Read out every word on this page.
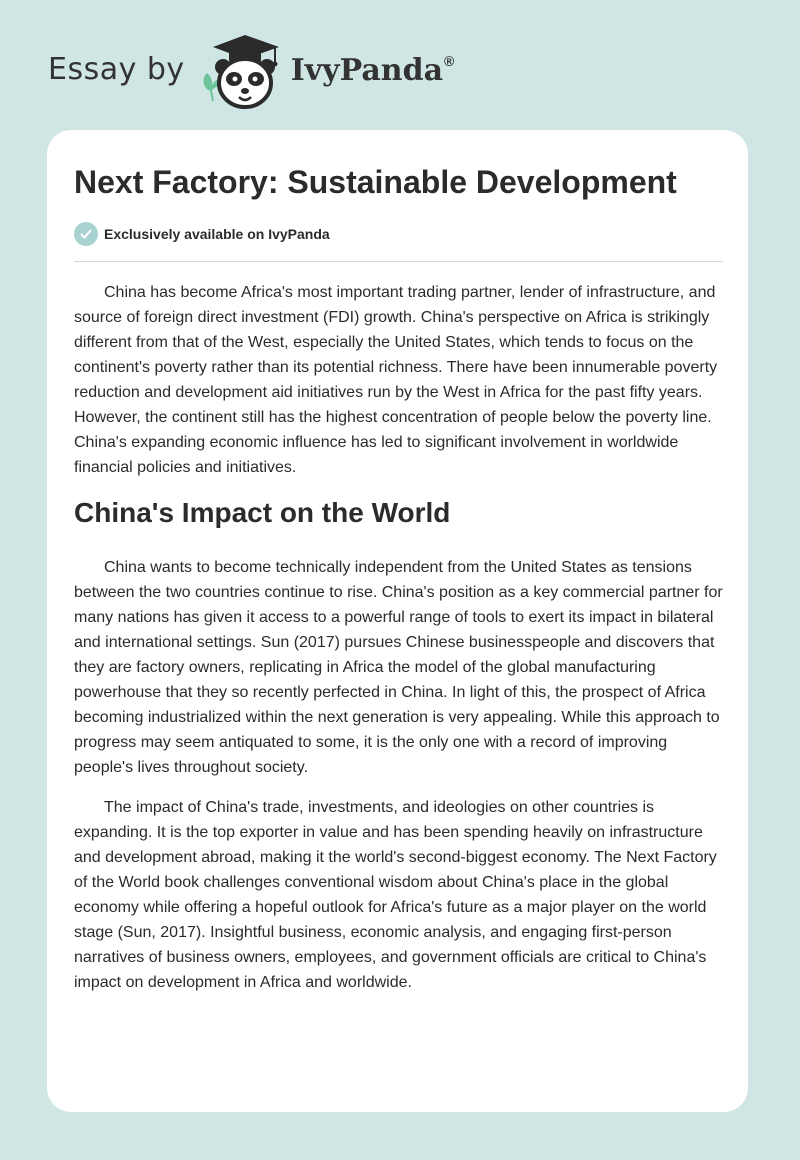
Essay by	IvyPanda®
Next Factory: Sustainable Development
Exclusively available on IvyPanda

China has become Africa's most important trading partner, lender of infrastructure, and source of foreign direct investment (FDI) growth. China's perspective on Africa is strikingly different from that of the West, especially the United States, which tends to focus on the continent's poverty rather than its potential richness. There have been innumerable poverty reduction and development aid initiatives run by the West in Africa for the past fifty years. However, the continent still has the highest concentration of people below the poverty line. China's expanding economic influence has led to significant involvement in worldwide financial policies and initiatives.

China's Impact on the World

China wants to become technically independent from the United States as tensions between the two countries continue to rise. China's position as a key commercial partner for many nations has given it access to a powerful range of tools to exert its impact in bilateral and international settings. Sun (2017) pursues Chinese businesspeople and discovers that they are factory owners, replicating in Africa the model of the global manufacturing powerhouse that they so recently perfected in China. In light of this, the prospect of Africa becoming industrialized within the next generation is very appealing. While this approach to progress may seem antiquated to some, it is the only one with a record of improving people's lives throughout society.

The impact of China's trade, investments, and ideologies on other countries is expanding. It is the top exporter in value and has been spending heavily on infrastructure and development abroad, making it the world's second-biggest economy. The Next Factory of the World book challenges conventional wisdom about China's place in the global economy while offering a hopeful outlook for Africa's future as a major player on the world stage (Sun, 2017). Insightful business, economic analysis, and engaging first-person narratives of business owners, employees, and government officials are critical to China's impact on development in Africa and worldwide.
